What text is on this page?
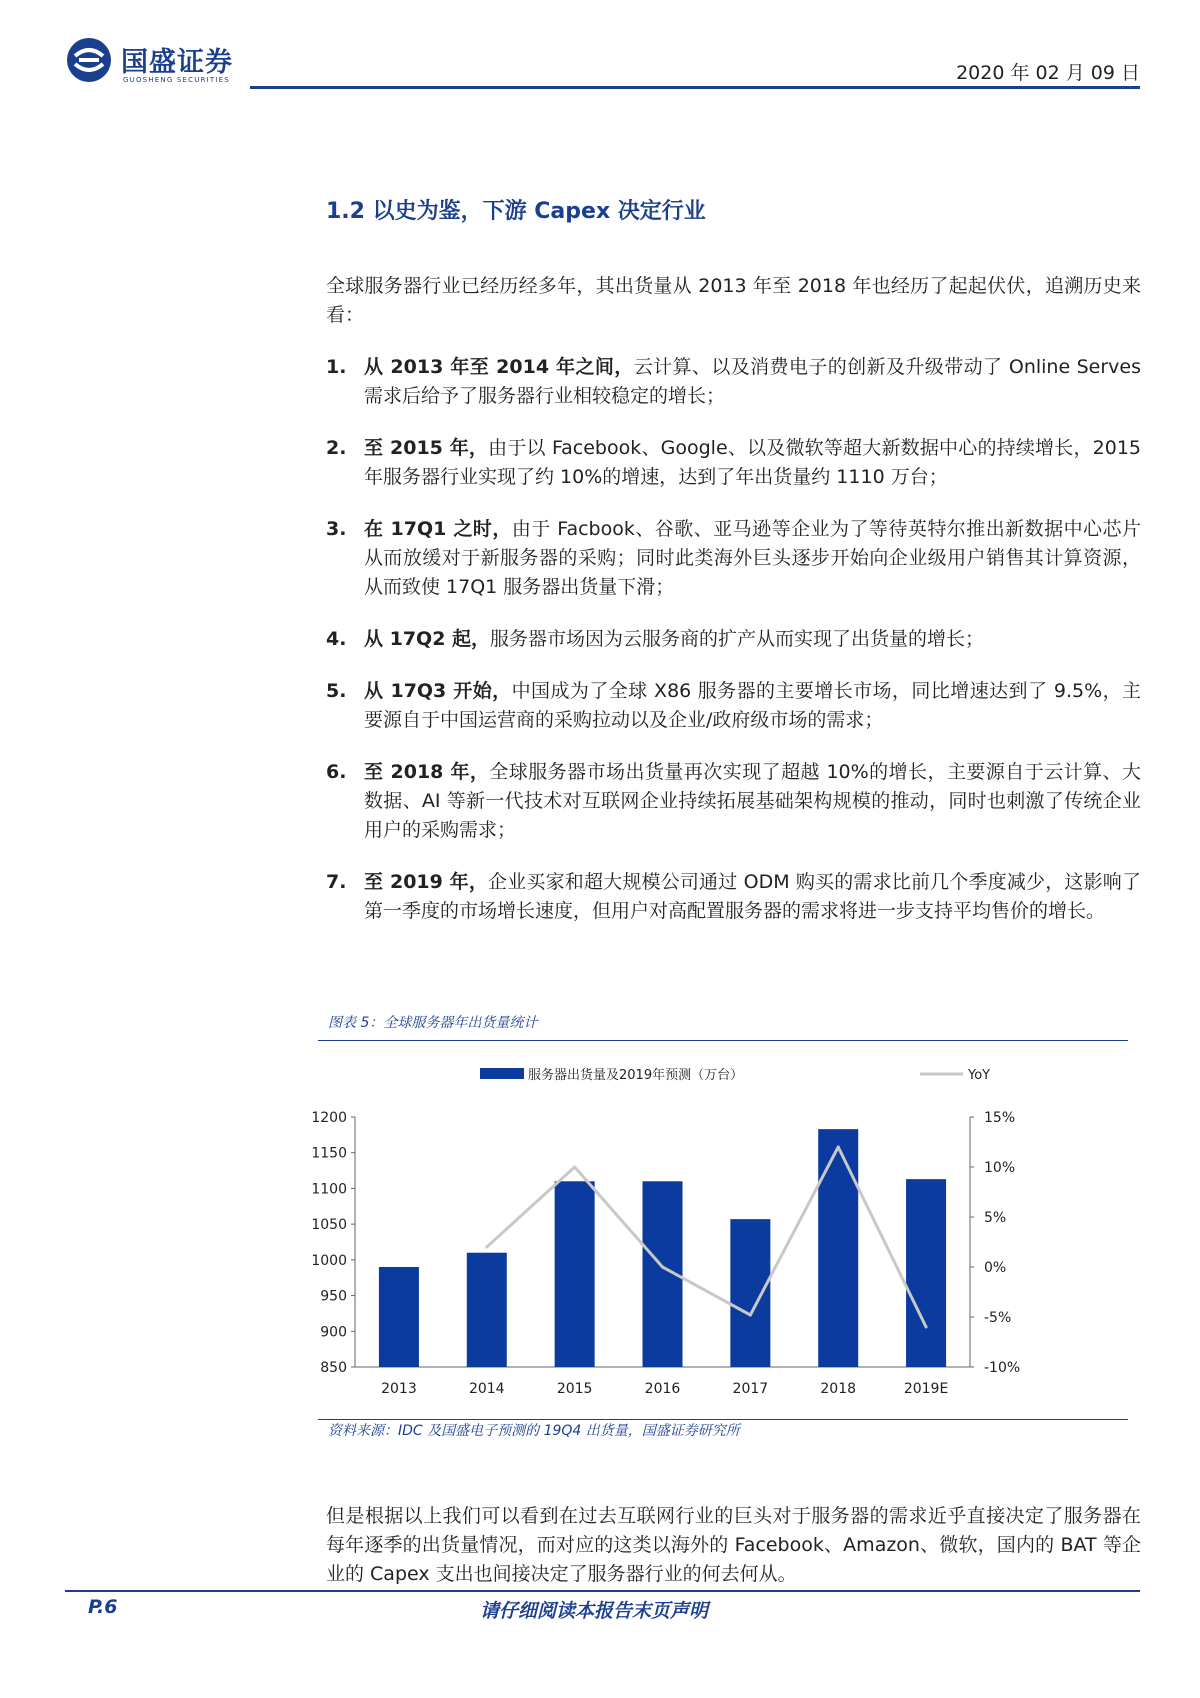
国盛证券
GUOSHENG SECURITIES	2020 年 02 月 09 日
1.2 以史为鉴，下游 Capex 决定行业

全球服务器行业已经历经多年，其出货量从 2013 年至 2018 年也经历了起起伏伏，追溯历史来看：

1. 从 2013 年至 2014 年之间，云计算、以及消费电子的创新及升级带动了 Online Serves 需求后给予了服务器行业相较稳定的增长；
2. 至 2015 年，由于以 Facebook、Google、以及微软等超大新数据中心的持续增长，2015 年服务器行业实现了约 10%的增速，达到了年出货量约 1110 万台；
3. 在 17Q1 之时，由于 Facbook、谷歌、亚马逊等企业为了等待英特尔推出新数据中心芯片从而放缓对于新服务器的采购；同时此类海外巨头逐步开始向企业级用户销售其计算资源，从而致使 17Q1 服务器出货量下滑；
4. 从 17Q2 起，服务器市场因为云服务商的扩产从而实现了出货量的增长；
5. 从 17Q3 开始，中国成为了全球 X86 服务器的主要增长市场，同比增速达到了 9.5%，主要源自于中国运营商的采购拉动以及企业/政府级市场的需求；
6. 至 2018 年，全球服务器市场出货量再次实现了超越 10%的增长，主要源自于云计算、大数据、AI 等新一代技术对互联网企业持续拓展基础架构规模的推动，同时也刺激了传统企业用户的采购需求；
7. 至 2019 年，企业买家和超大规模公司通过 ODM 购买的需求比前几个季度减少，这影响了第一季度的市场增长速度，但用户对高配置服务器的需求将进一步支持平均售价的增长。
图表 5：全球服务器年出货量统计
服务器出货量及2019年预测（万台）	YoY
850
900
950
1000
1050
1100
1150
1200
-10%
-5%
0%
5%
10%
15%
2013	2014	2015	2016	2017	2018	2019E
资料来源：IDC 及国盛电子预测的 19Q4 出货量，国盛证券研究所

但是根据以上我们可以看到在过去互联网行业的巨头对于服务器的需求近乎直接决定了服务器在每年逐季的出货量情况，而对应的这类以海外的 Facebook、Amazon、微软，国内的 BAT 等企业的 Capex 支出也间接决定了服务器行业的何去何从。

P.6	请仔细阅读本报告末页声明
